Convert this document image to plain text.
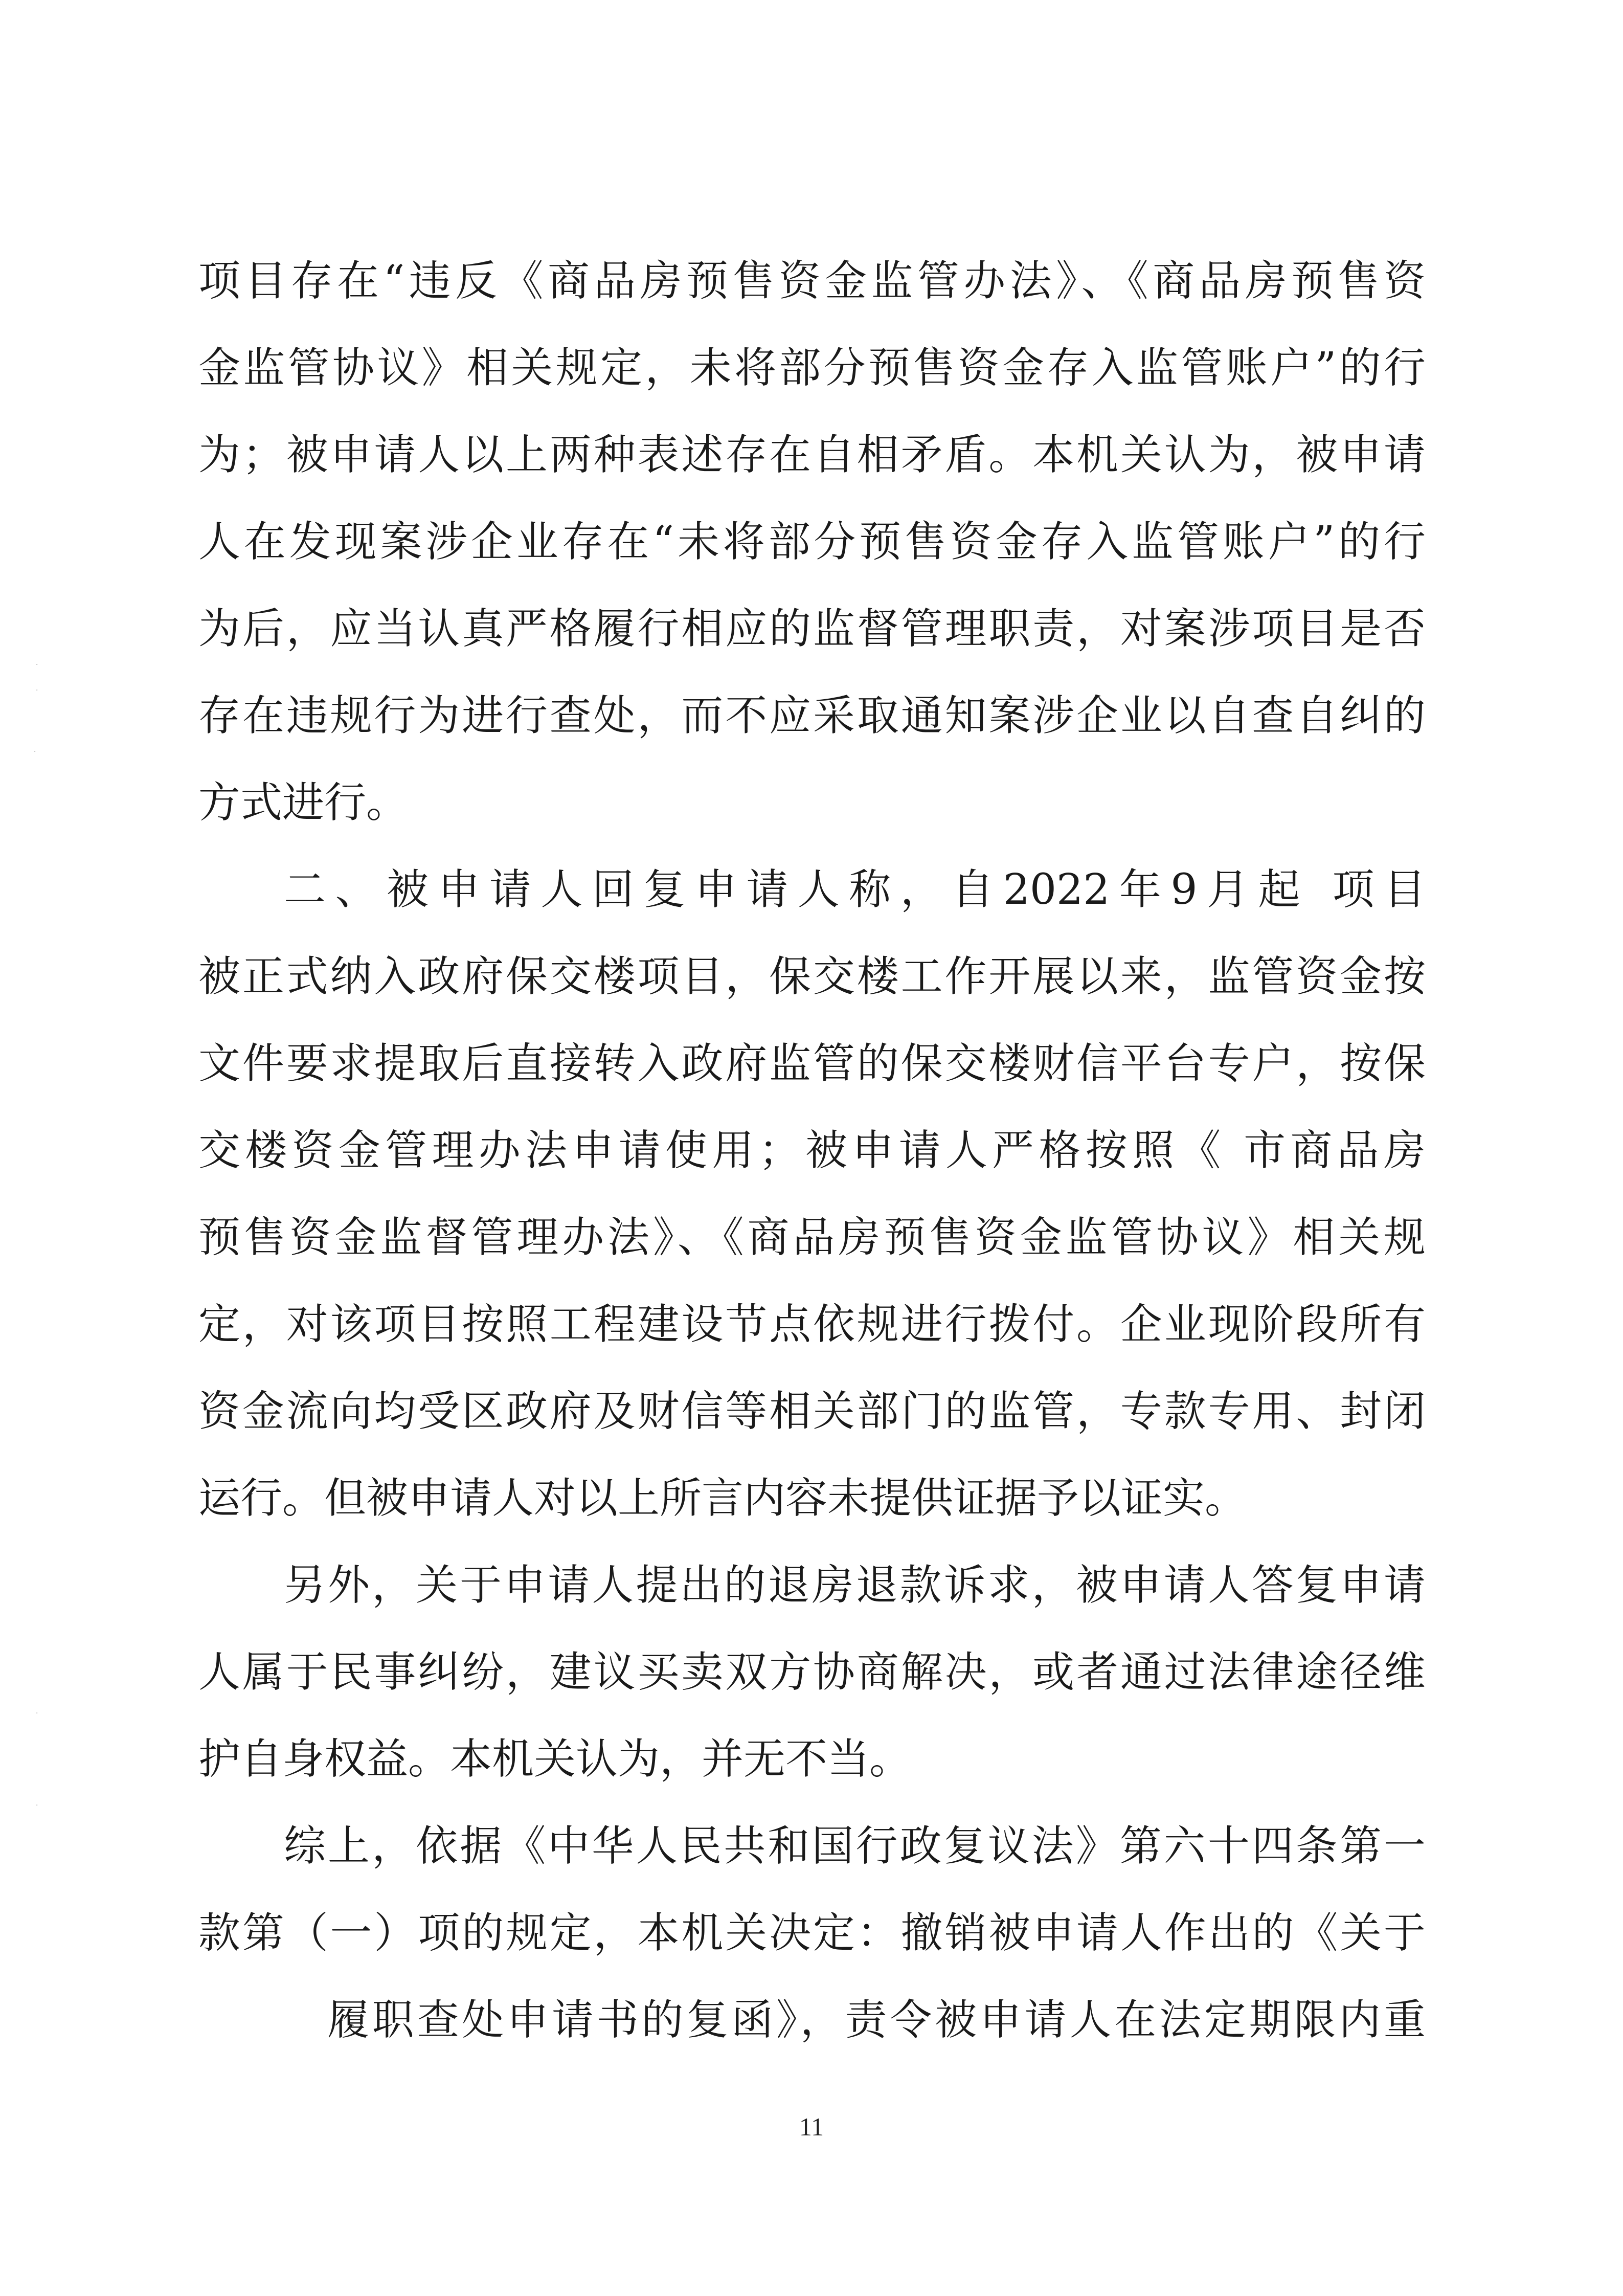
项目存在“违反《商品房预售资金监管办法》、《商品房预售资
金监管协议》相关规定，未将部分预售资金存入监管账户”的行
为；被申请人以上两种表述存在自相矛盾。本机关认为，被申请
人在发现案涉企业存在“未将部分预售资金存入监管账户”的行
为后，应当认真严格履行相应的监督管理职责，对案涉项目是否
存在违规行为进行查处，而不应采取通知案涉企业以自查自纠的
方式进行。
二、被申请人回复申请人称，自2022年9月起 项目
被正式纳入政府保交楼项目，保交楼工作开展以来，监管资金按
文件要求提取后直接转入政府监管的保交楼财信平台专户，按保
交楼资金管理办法申请使用；被申请人严格按照《 市商品房
预售资金监督管理办法》、《商品房预售资金监管协议》相关规
定，对该项目按照工程建设节点依规进行拨付。企业现阶段所有
资金流向均受区政府及财信等相关部门的监管，专款专用、封闭
运行。但被申请人对以上所言内容未提供证据予以证实。
另外，关于申请人提出的退房退款诉求，被申请人答复申请
人属于民事纠纷，建议买卖双方协商解决，或者通过法律途径维
护自身权益。本机关认为，并无不当。
综上，依据《中华人民共和国行政复议法》第六十四条第一
款第（一）项的规定，本机关决定：撤销被申请人作出的《关于
履职查处申请书的复函》，责令被申请人在法定期限内重
·
·
·
·
·
11
